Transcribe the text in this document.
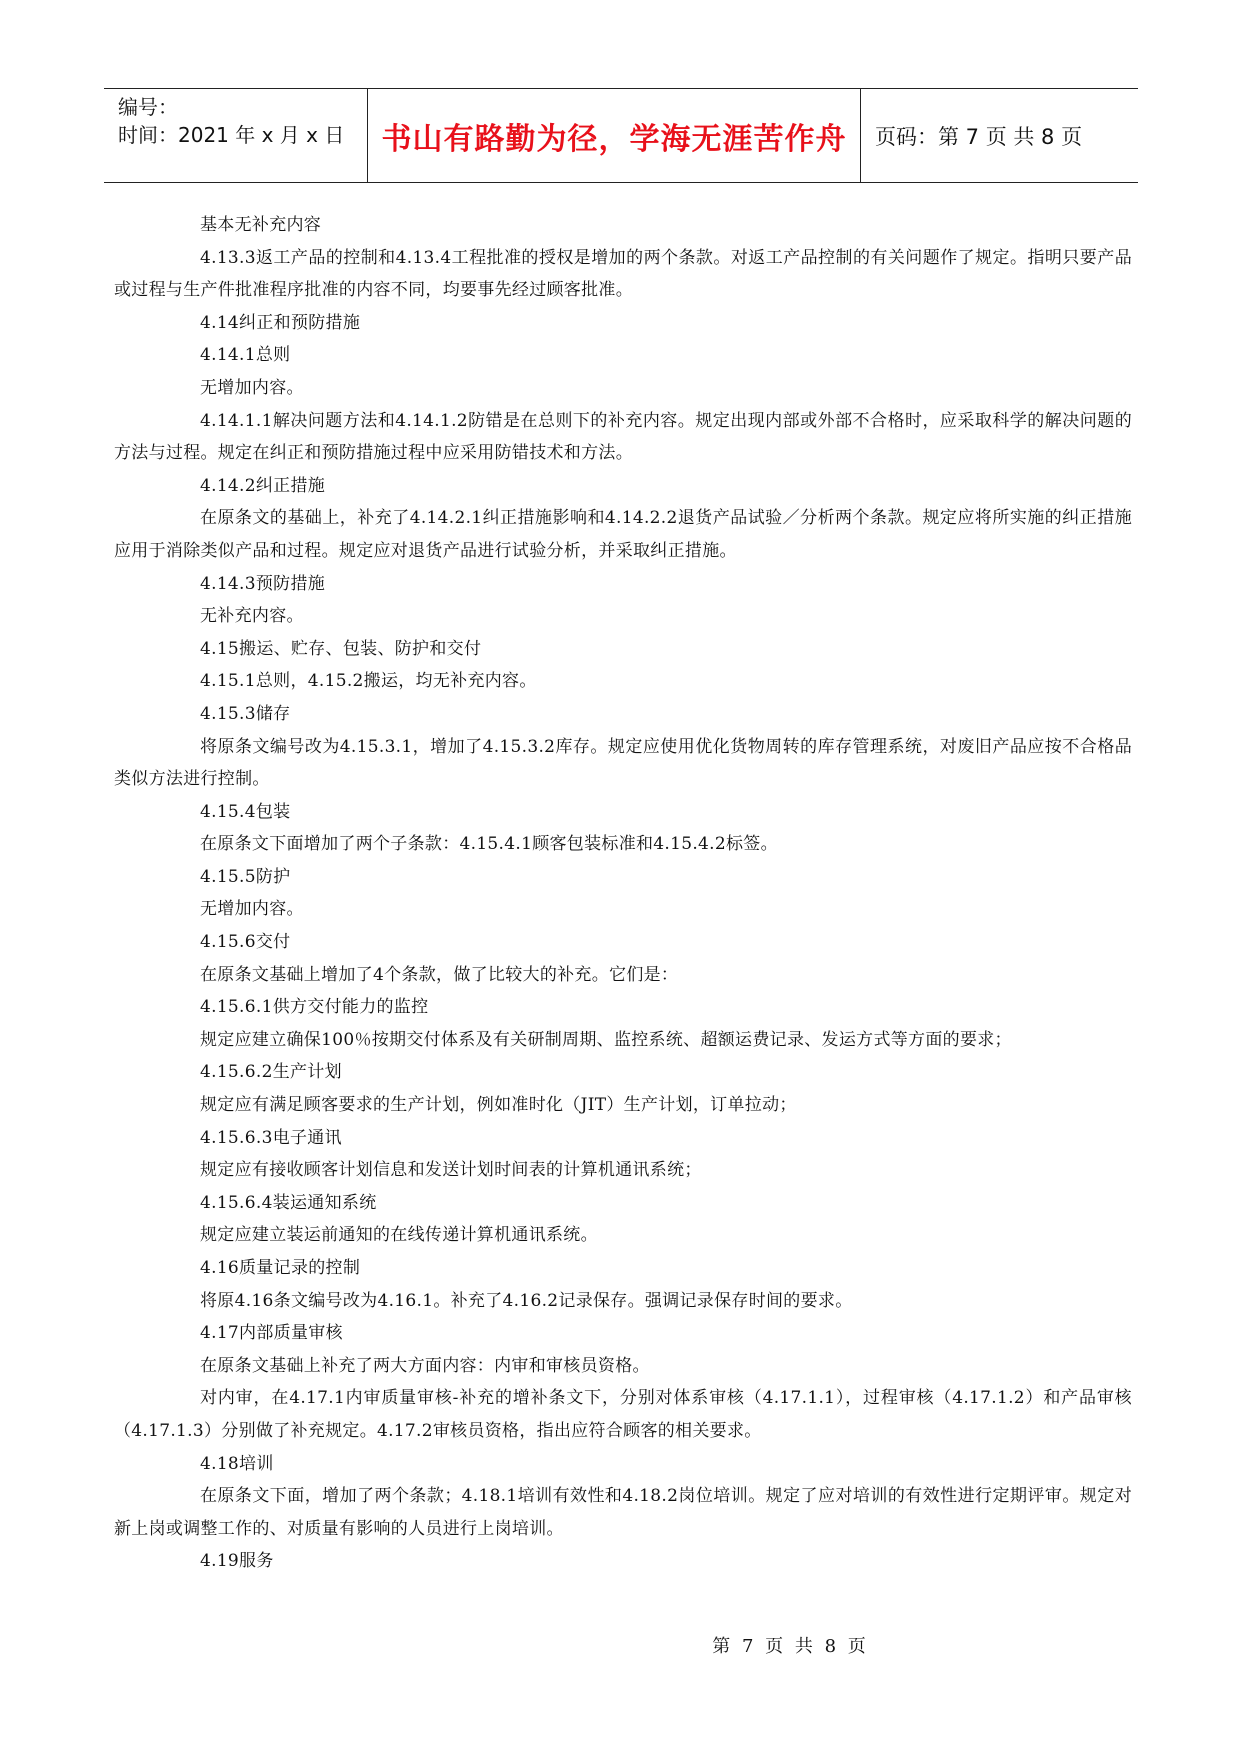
编号：
时间：2021 年 x 月 x 日	书山有路勤为径，学海无涯苦作舟	页码：第 7 页 共 8 页

基本无补充内容

4.13.3返工产品的控制和4.13.4工程批准的授权是增加的两个条款。对返工产品控制的有关问题作了规定。指明只要产品或过程与生产件批准程序批准的内容不同，均要事先经过顾客批准。

4.14纠正和预防措施

4.14.1总则

无增加内容。

4.14.1.1解决问题方法和4.14.1.2防错是在总则下的补充内容。规定出现内部或外部不合格时，应采取科学的解决问题的方法与过程。规定在纠正和预防措施过程中应采用防错技术和方法。

4.14.2纠正措施

在原条文的基础上，补充了4.14.2.1纠正措施影响和4.14.2.2退货产品试验／分析两个条款。规定应将所实施的纠正措施应用于消除类似产品和过程。规定应对退货产品进行试验分析，并采取纠正措施。

4.14.3预防措施

无补充内容。

4.15搬运、贮存、包装、防护和交付

4.15.1总则，4.15.2搬运，均无补充内容。

4.15.3储存

将原条文编号改为4.15.3.1，增加了4.15.3.2库存。规定应使用优化货物周转的库存管理系统，对废旧产品应按不合格品类似方法进行控制。

4.15.4包装

在原条文下面增加了两个子条款：4.15.4.1顾客包装标准和4.15.4.2标签。

4.15.5防护

无增加内容。

4.15.6交付

在原条文基础上增加了4个条款，做了比较大的补充。它们是：

4.15.6.1供方交付能力的监控

规定应建立确保100％按期交付体系及有关研制周期、监控系统、超额运费记录、发运方式等方面的要求；

4.15.6.2生产计划

规定应有满足顾客要求的生产计划，例如准时化（JIT）生产计划，订单拉动；

4.15.6.3电子通讯

规定应有接收顾客计划信息和发送计划时间表的计算机通讯系统；

4.15.6.4装运通知系统

规定应建立装运前通知的在线传递计算机通讯系统。

4.16质量记录的控制

将原4.16条文编号改为4.16.1。补充了4.16.2记录保存。强调记录保存时间的要求。

4.17内部质量审核

在原条文基础上补充了两大方面内容：内审和审核员资格。

对内审，在4.17.1内审质量审核-补充的增补条文下，分别对体系审核（4.17.1.1），过程审核（4.17.1.2）和产品审核（4.17.1.3）分别做了补充规定。4.17.2审核员资格，指出应符合顾客的相关要求。

4.18培训

在原条文下面，增加了两个条款；4.18.1培训有效性和4.18.2岗位培训。规定了应对培训的有效性进行定期评审。规定对新上岗或调整工作的、对质量有影响的人员进行上岗培训。

4.19服务

第 7 页 共 8 页
